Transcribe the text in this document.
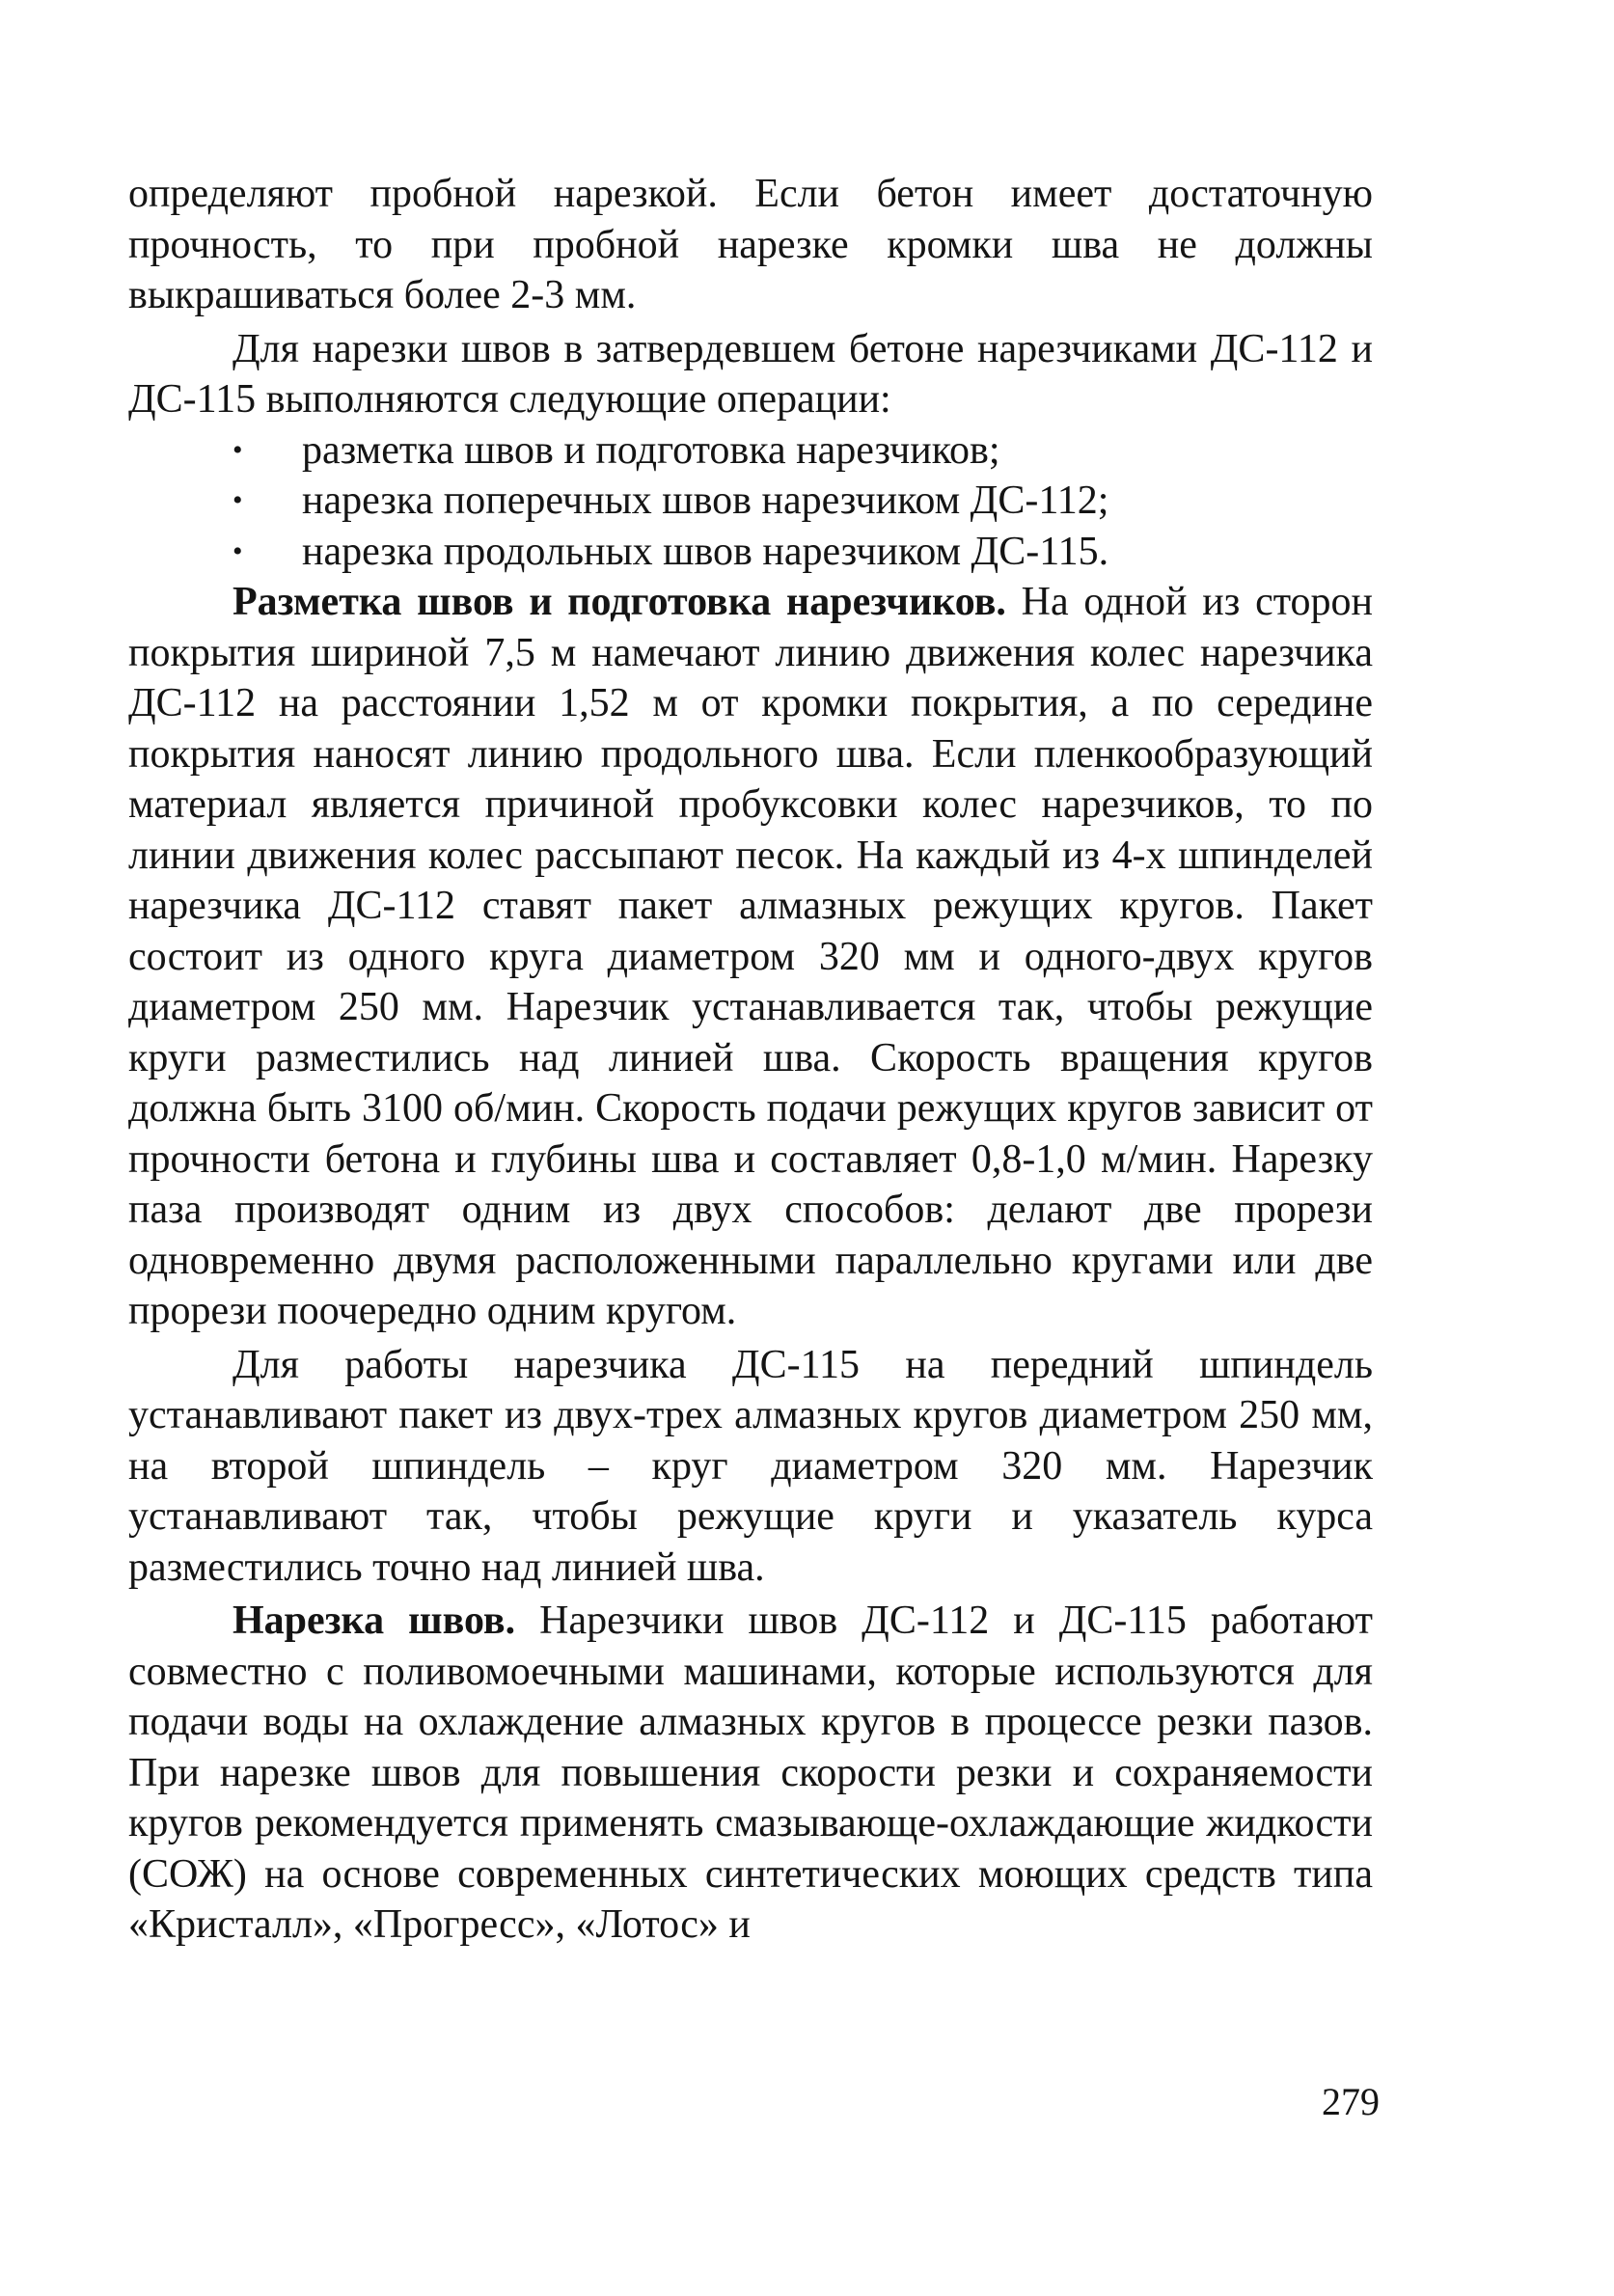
определяют пробной нарезкой. Если бетон имеет достаточную прочность, то при пробной нарезке кромки шва не должны выкрашиваться более 2-3 мм.

Для нарезки швов в затвердевшем бетоне нарезчиками ДС-112 и ДС-115 выполняются следующие операции:

•	разметка швов и подготовка нарезчиков;
•	нарезка поперечных швов нарезчиком ДС-112;
•	нарезка продольных швов нарезчиком ДС-115.

Разметка швов и подготовка нарезчиков. На одной из сторон покрытия шириной 7,5 м намечают линию движения колес нарезчика ДС-112 на расстоянии 1,52 м от кромки покрытия, а по середине покрытия наносят линию продольного шва. Если пленкообразующий материал является причиной пробуксовки колес нарезчиков, то по линии движения колес рассыпают песок. На каждый из 4-х шпинделей нарезчика ДС-112 ставят пакет алмазных режущих кругов. Пакет состоит из одного круга диаметром 320 мм и одного-двух кругов диаметром 250 мм. Нарезчик устанавливается так, чтобы режущие круги разместились над линией шва. Скорость вращения кругов должна быть 3100 об/мин. Скорость подачи режущих кругов зависит от прочности бетона и глубины шва и составляет 0,8-1,0 м/мин. Нарезку паза производят одним из двух способов: делают две прорези одновременно двумя расположенными параллельно кругами или две прорези поочередно одним кругом.

Для работы нарезчика ДС-115 на передний шпиндель устанавливают пакет из двух-трех алмазных кругов диаметром 250 мм, на второй шпиндель – круг диаметром 320 мм. Нарезчик устанавливают так, чтобы режущие круги и указатель курса разместились точно над линией шва.

Нарезка швов. Нарезчики швов ДС-112 и ДС-115 работают совместно с поливомоечными машинами, которые используются для подачи воды на охлаждение алмазных кругов в процессе резки пазов. При нарезке швов для повышения скорости резки и сохраняемости кругов рекомендуется применять смазывающе-охлаждающие жидкости (СОЖ) на основе современных синтетических моющих средств типа «Кристалл», «Прогресс», «Лотос» и

279
